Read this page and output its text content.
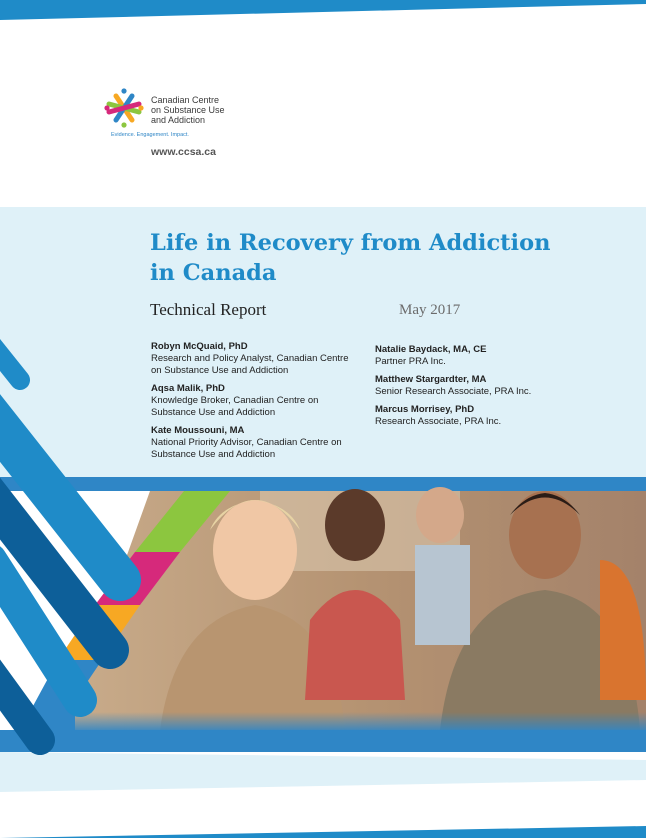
Canadian Centre
on Substance Use
and Addiction
Evidence. Engagement. Impact.
www.ccsa.ca
Life in Recovery from Addiction
in Canada
Technical Report	May 2017
Robyn McQuaid, PhD
Research and Policy Analyst, Canadian Centre on Substance Use and Addiction
Aqsa Malik, PhD
Knowledge Broker, Canadian Centre on Substance Use and Addiction
Kate Moussouni, MA
National Priority Advisor, Canadian Centre on Substance Use and Addiction
Natalie Baydack, MA, CE
Partner PRA Inc.
Matthew Stargardter, MA
Senior Research Associate, PRA Inc.
Marcus Morrisey, PhD
Research Associate, PRA Inc.
